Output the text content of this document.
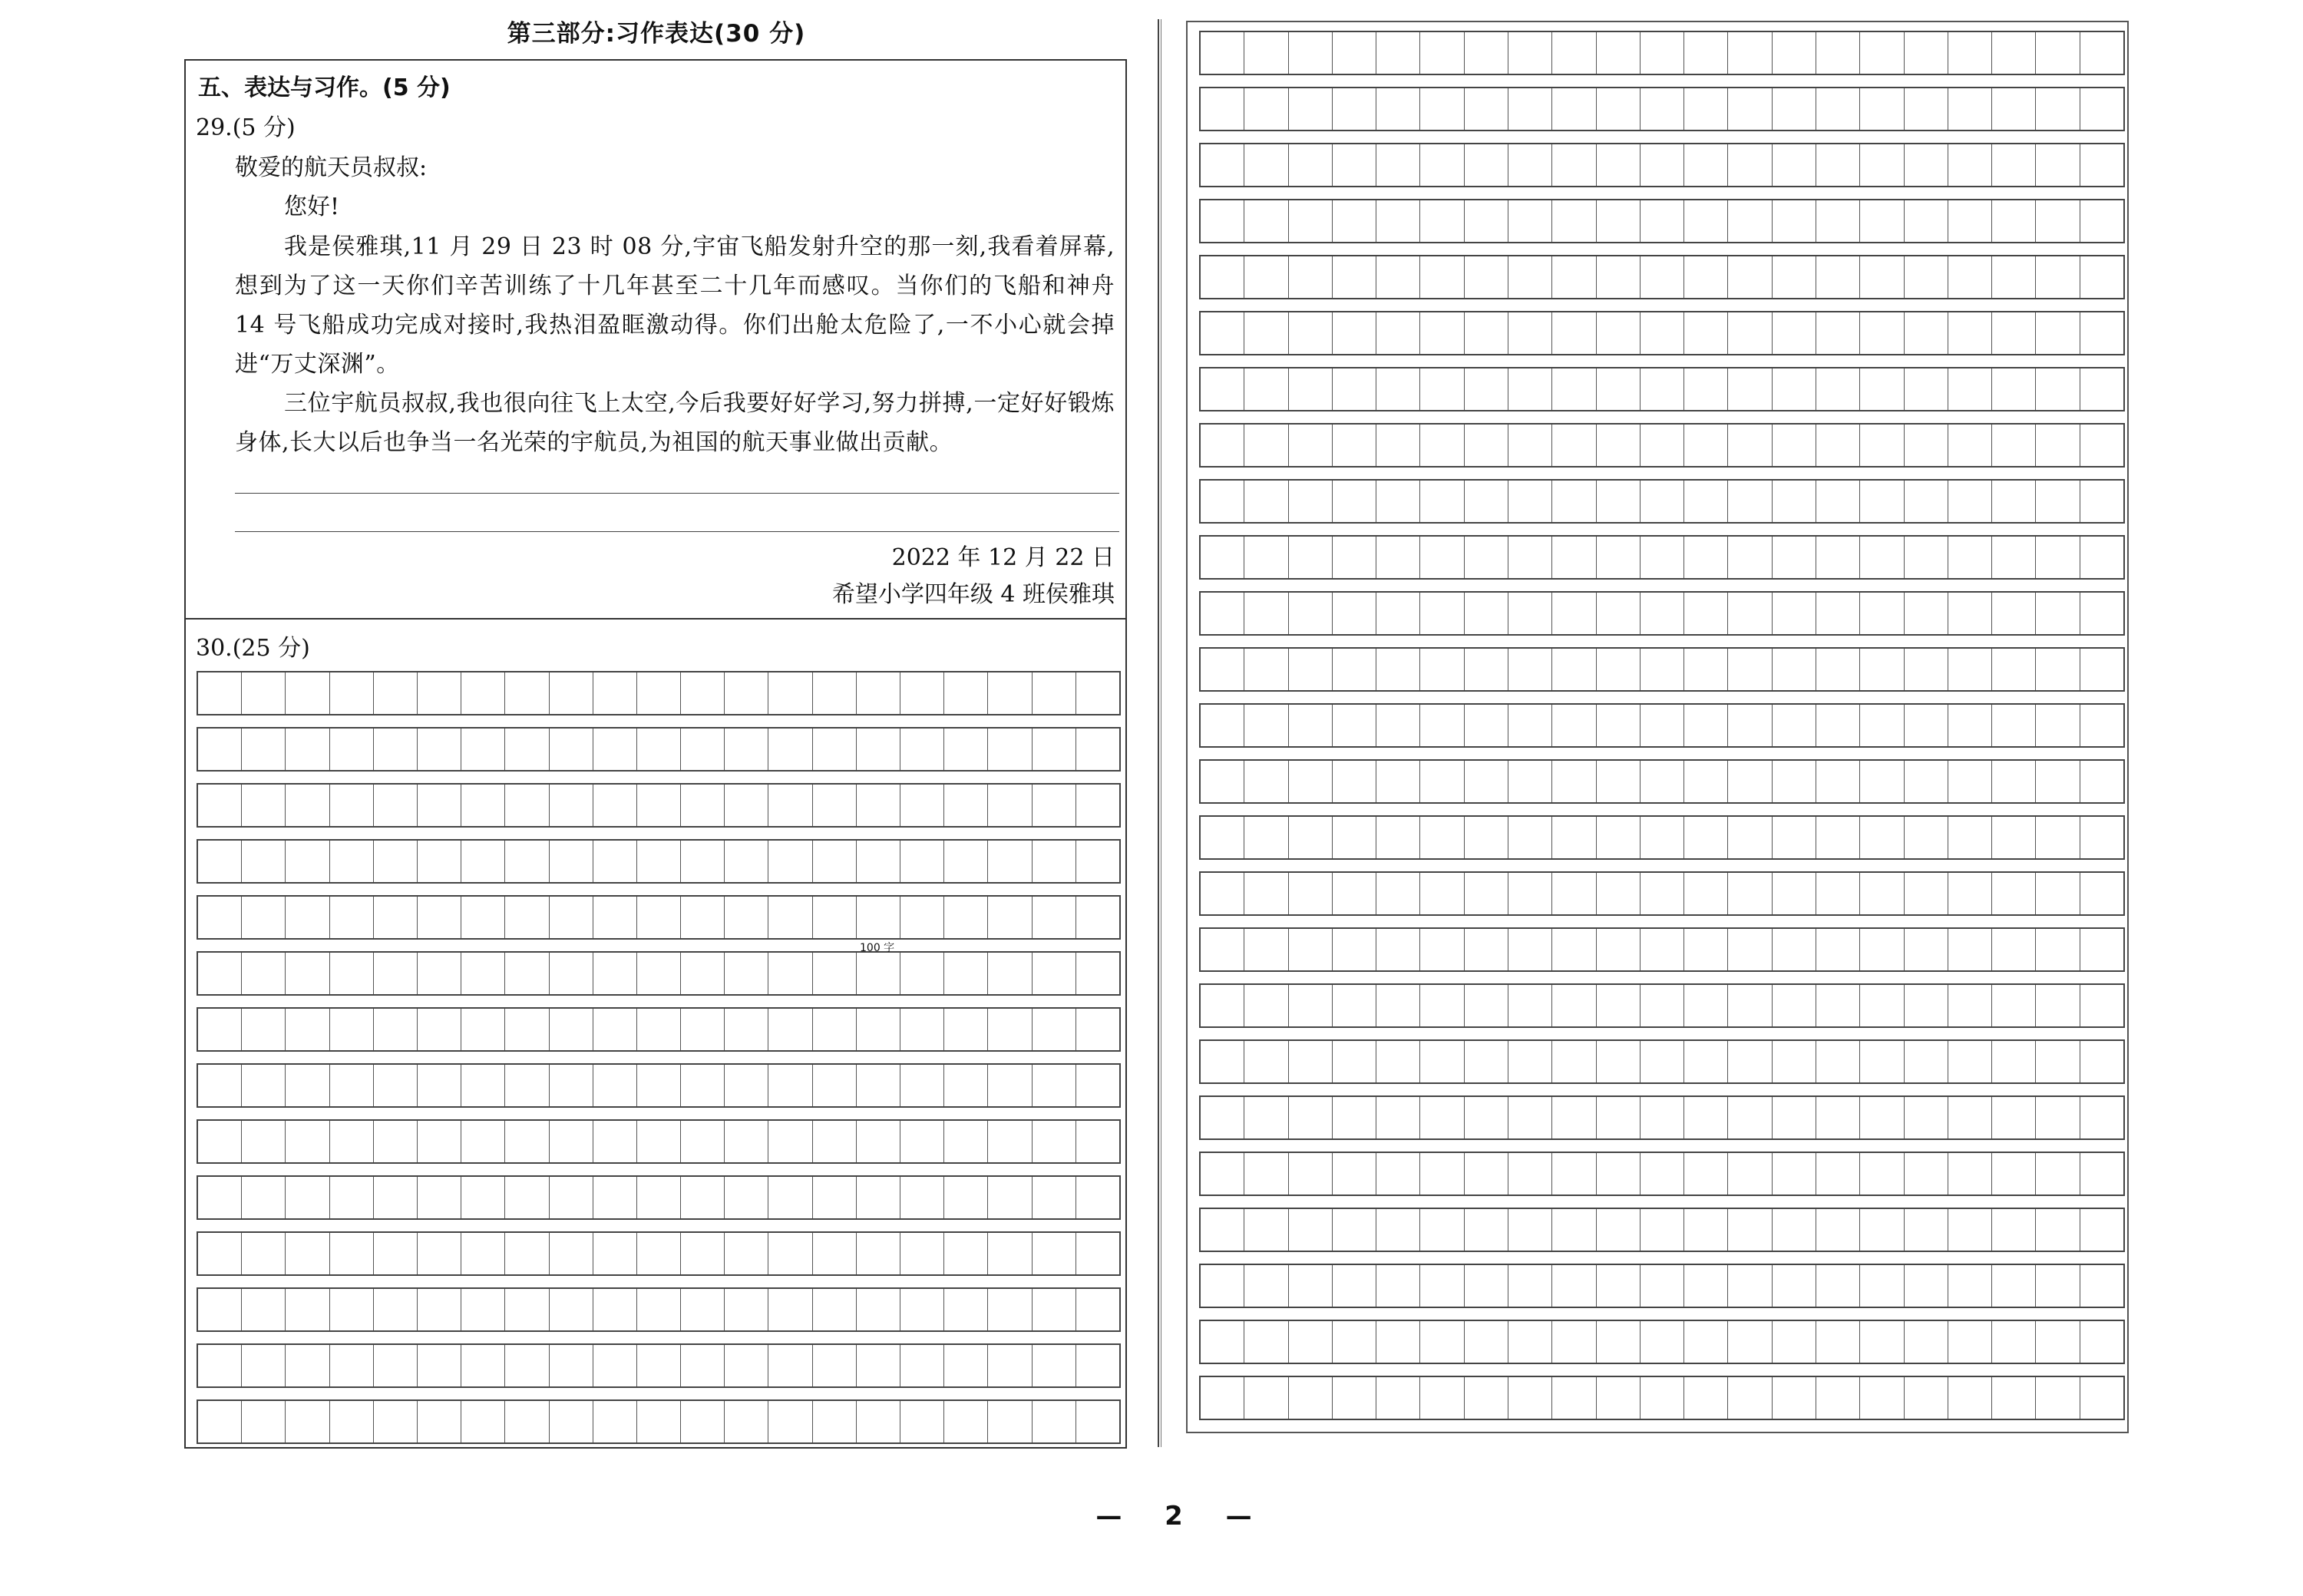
第三部分:习作表达(30 分)
五、表达与习作。(5 分)
29.(5 分)
敬爱的航天员叔叔:
您好!
我是侯雅琪,11 月 29 日 23 时 08 分,宇宙飞船发射升空的那一刻,我看着屏幕,想到为了这一天你们辛苦训练了十几年甚至二十几年而感叹。当你们的飞船和神舟 14 号飞船成功完成对接时,我热泪盈眶激动得。你们出舱太危险了,一不小心就会掉进“万丈深渊”。
三位宇航员叔叔,我也很向往飞上太空,今后我要好好学习,努力拼搏,一定好好锻炼身体,长大以后也争当一名光荣的宇航员,为祖国的航天事业做出贡献。
2022 年 12 月 22 日
希望小学四年级 4 班侯雅琪
30.(25 分)
100 字
— 2 —
